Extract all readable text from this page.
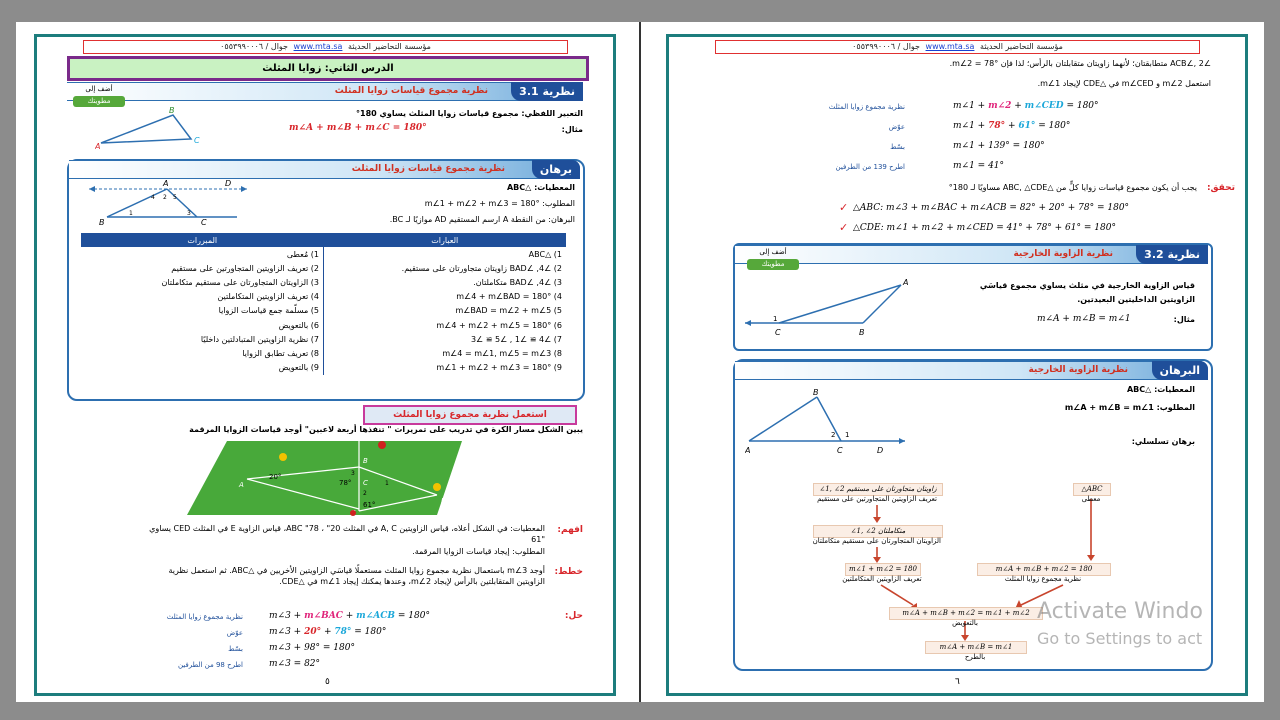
مؤسسة التحاضير الحديثة www.mta.sa جوال / ٠٥٥٣٩٩٠٠٠٦
الدرس الثاني: زوايا المثلث
نظرية 3.1
نظرية مجموع قياسات زوايا المثلث
أضف إلى
مطويتك
A
B
C
التعبير اللفظي: مجموع قياسات زوايا المثلث يساوي 180°
مثال:
m∠A + m∠B + m∠C = 180°
برهان
نظرية مجموع قياسات زوايا المثلث
A	D
B	C
4 2 5
1	3
المعطيات: △ABC
المطلوب: m∠1 + m∠2 + m∠3 = 180°
البرهان: من النقطة A ارسم المستقيم AD موازيًا لـ BC.
العبارات	المبررات
1) △ABC	1) مُعطى
2) ∠4, ∠BAD زاويتان متجاورتان على مستقيم.	2) تعريف الزاويتين المتجاورتين على مستقيم
3) ∠4, ∠BAD متكاملتان.	3) الزاويتان المتجاورتان على مستقيم متكاملتان
4) m∠4 + m∠BAD = 180°	4) تعريف الزاويتين المتكاملتين
5) m∠BAD = m∠2 + m∠5	5) مسلّمة جمع قياسات الزوايا
6) m∠4 + m∠2 + m∠5 = 180°	6) بالتعويض
7) ∠4 ≅ ∠1 , ∠5 ≅ ∠3	7) نظرية الزاويتين المتبادلتين داخليًا
8) m∠4 = m∠1, m∠5 = m∠3	8) تعريف تطابق الزوايا
9) m∠1 + m∠2 + m∠3 = 180°	9) بالتعويض
استعمل نظرية مجموع زوايا المثلث
يبين الشكل مسار الكرة في تدريب على تمريرات " تنفذها أربعة لاعبين" أوجد قياسات الزوايا المرقمة
20°
78°
61°
A
B
C
D
1
2
3
افهم:
المعطيات: في الشكل أعلاه، قياس الزاويتين A, C في المثلث ABC "78 ، "20، قياس الزاوية E في المثلث CED يساوي "61
المطلوب: إيجاد قياسات الزوايا المرقمة.
خطط:
أوجد m∠3 باستعمال نظرية مجموع زوايا المثلث مستعملًا قياسَي الزاويتين الأخريين في △ABC. ثم استعمل نظرية الزاويتين المتقابلتين بالرأس لإيجاد m∠2، وعندها يمكنك إيجاد m∠1 في △CDE.
حل:
m∠3 + m∠BAC + m∠ACB = 180°
نظرية مجموع زوايا المثلث
m∠3 + 20° + 78° = 180°
عوّض
m∠3 + 98° = 180°
بسّط
m∠3 = 82°
اطرح 98 من الطرفين
٥
مؤسسة التحاضير الحديثة www.mta.sa جوال / ٠٥٥٣٩٩٠٠٠٦
∠2 ,∠ACB متطابقتان؛ لأنهما زاويتان متقابلتان بالرأس؛ لذا فإن m∠2 = 78°.
استعمل m∠2 و m∠CED في △CDE لإيجاد m∠1.
m∠1 + m∠2 + m∠CED = 180°
نظرية مجموع زوايا المثلث
m∠1 + 78° + 61° = 180°
عوّض
m∠1 + 139° = 180°
بسّط
m∠1 = 41°
اطرح 139 من الطرفين
تحقق:
يجب أن يكون مجموع قياسات زوايا كلٍّ من △ABC, △CDE مساويًا لـ 180°
△ABC: m∠3 + m∠BAC + m∠ACB = 82° + 20° + 78° = 180°
✓
△CDE: m∠1 + m∠2 + m∠CED = 41° + 78° + 61° = 180°
✓
نظرية 3.2
نظرية الزاوية الخارجية
أضف إلى
مطويتك
A
B
C
1
قياس الزاوية الخارجية في مثلث يساوي مجموع قياسَي
الزاويتين الداخليتين البعيدتين.
مثال:
m∠A + m∠B = m∠1
البرهان
نظرية الزاوية الخارجية
المعطيات: △ABC
المطلوب: m∠A + m∠B = m∠1
برهان تسلسلي:
B
A	C	D
2 1
∠1, ∠2 زاويتان متجاورتان على مستقيم
تعريف الزاويتين المتجاورتين على مستقيم
∠1, ∠2 متكاملتان
الزاويتان المتجاورتان على مستقيم متكاملتان
m∠1 + m∠2 = 180
تعريف الزاويتين المتكاملتين
△ABC
معطى
m∠A + m∠B + m∠2 = 180
نظرية مجموع زوايا المثلث
m∠A + m∠B + m∠2 = m∠1 + m∠2
بالتعويض
m∠A + m∠B = m∠1
بالطرح
٦
Activate Windo
Go to Settings to act
